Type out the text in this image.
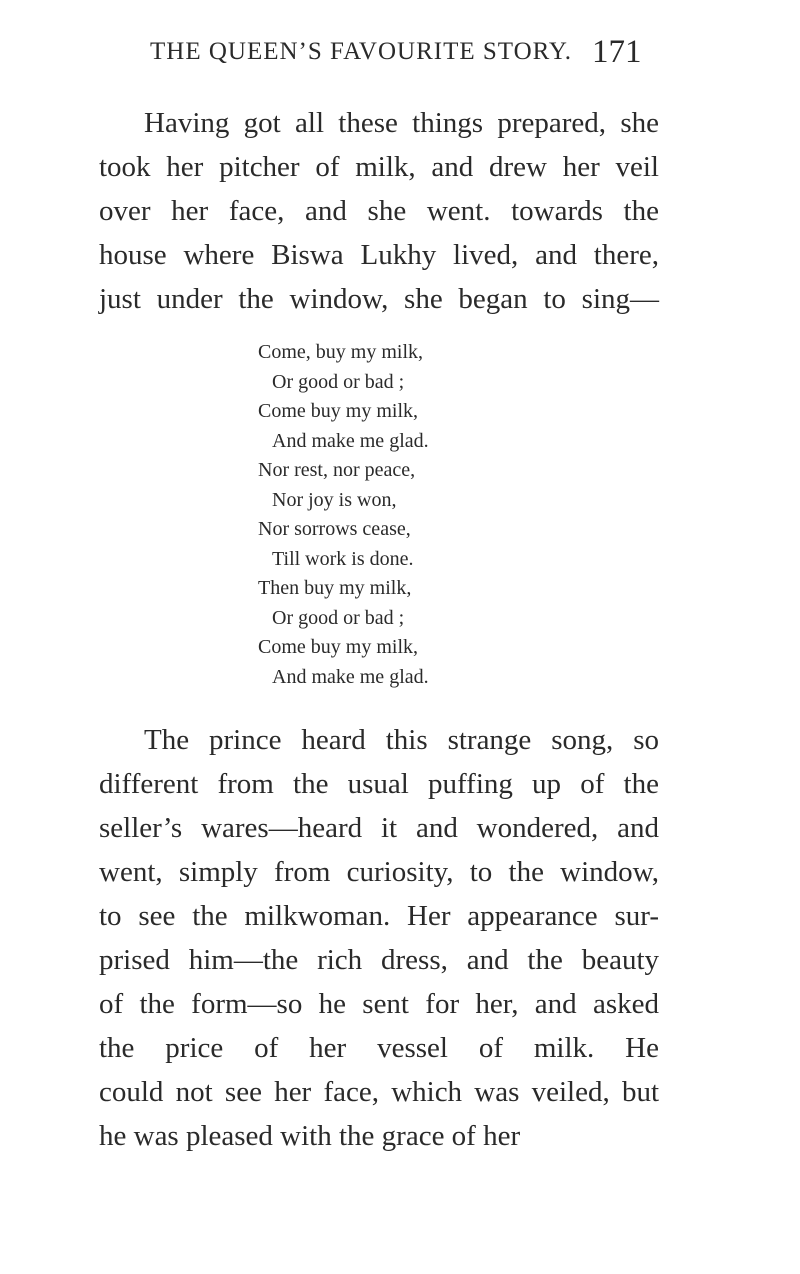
THE QUEEN’S FAVOURITE STORY. 171
Having got all these things prepared, she
took her pitcher of milk, and drew her veil
over her face, and she went. towards the
house where Biswa Lukhy lived, and there,
just under the window, she began to sing—
Come, buy my milk,
Or good or bad ;
Come buy my milk,
And make me glad.
Nor rest, nor peace,
Nor joy is won,
Nor sorrows cease,
Till work is done.
Then buy my milk,
Or good or bad ;
Come buy my milk,
And make me glad.
The prince heard this strange song, so
different from the usual puffing up of the
seller’s wares—heard it and wondered, and
went, simply from curiosity, to the window,
to see the milkwoman. Her appearance sur-
prised him—the rich dress, and the beauty
of the form—so he sent for her, and asked
the price of her vessel of milk. He
could not see her face, which was veiled, but
he was pleased with the grace of her
